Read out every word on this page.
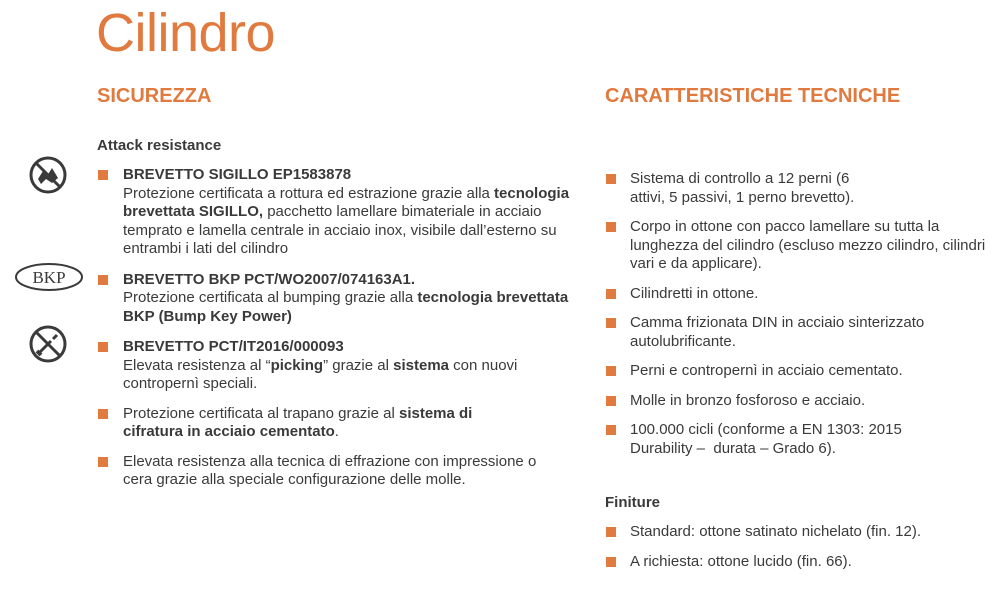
Cilindro
SICUREZZA
Attack resistance
BKP
BREVETTO SIGILLO EP1583878
Protezione certificata a rottura ed estrazione grazie alla tecnologia brevettata SIGILLO, pacchetto lamellare bimateriale in acciaio temprato e lamella centrale in acciaio inox, visibile dall’esterno su entrambi i lati del cilindro
BREVETTO BKP PCT/WO2007/074163A1.
Protezione certificata al bumping grazie alla tecnologia brevettata BKP (Bump Key Power)
BREVETTO PCT/IT2016/000093
Elevata resistenza al “picking” grazie al sistema con nuovi contropernì speciali.
Protezione certificata al trapano grazie al sistema di cifratura in acciaio cementato.
Elevata resistenza alla tecnica di effrazione con impressione o cera grazie alla speciale configurazione delle molle.
CARATTERISTICHE TECNICHE
Sistema di controllo a 12 perni (6 attivi, 5 passivi, 1 perno brevetto).
Corpo in ottone con pacco lamellare su tutta la lunghezza del cilindro (escluso mezzo cilindro, cilindri vari e da applicare).
Cilindretti in ottone.
Camma frizionata DIN in acciaio sinterizzato autolubrificante.
Perni e contropernì in acciaio cementato.
Molle in bronzo fosforoso e acciaio.
100.000 cicli (conforme a EN 1303: 2015 Durability –  durata – Grado 6).
Finiture
Standard: ottone satinato nichelato (fin. 12).
A richiesta: ottone lucido (fin. 66).
